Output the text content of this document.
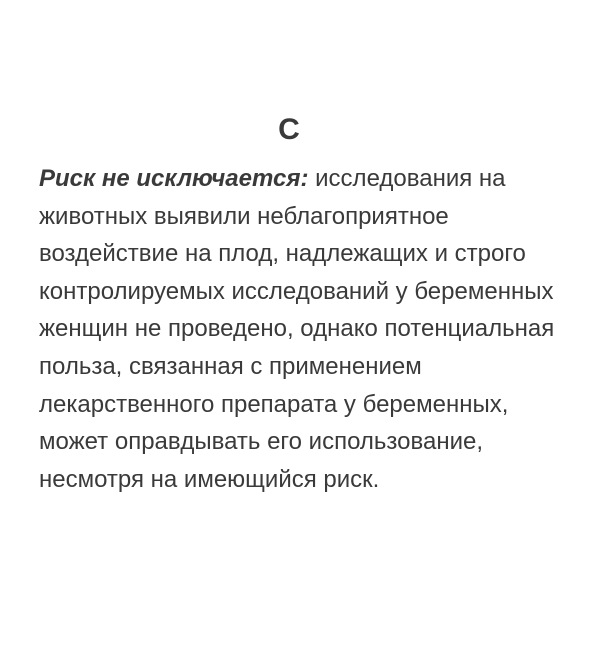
C

Риск не исключается: исследования на животных выявили неблагоприятное воздействие на плод, надлежащих и строго контролируемых исследований у беременных женщин не проведено, однако потенциальная польза, связанная с применением лекарственного препарата у беременных, может оправдывать его использование, несмотря на имеющийся риск.
